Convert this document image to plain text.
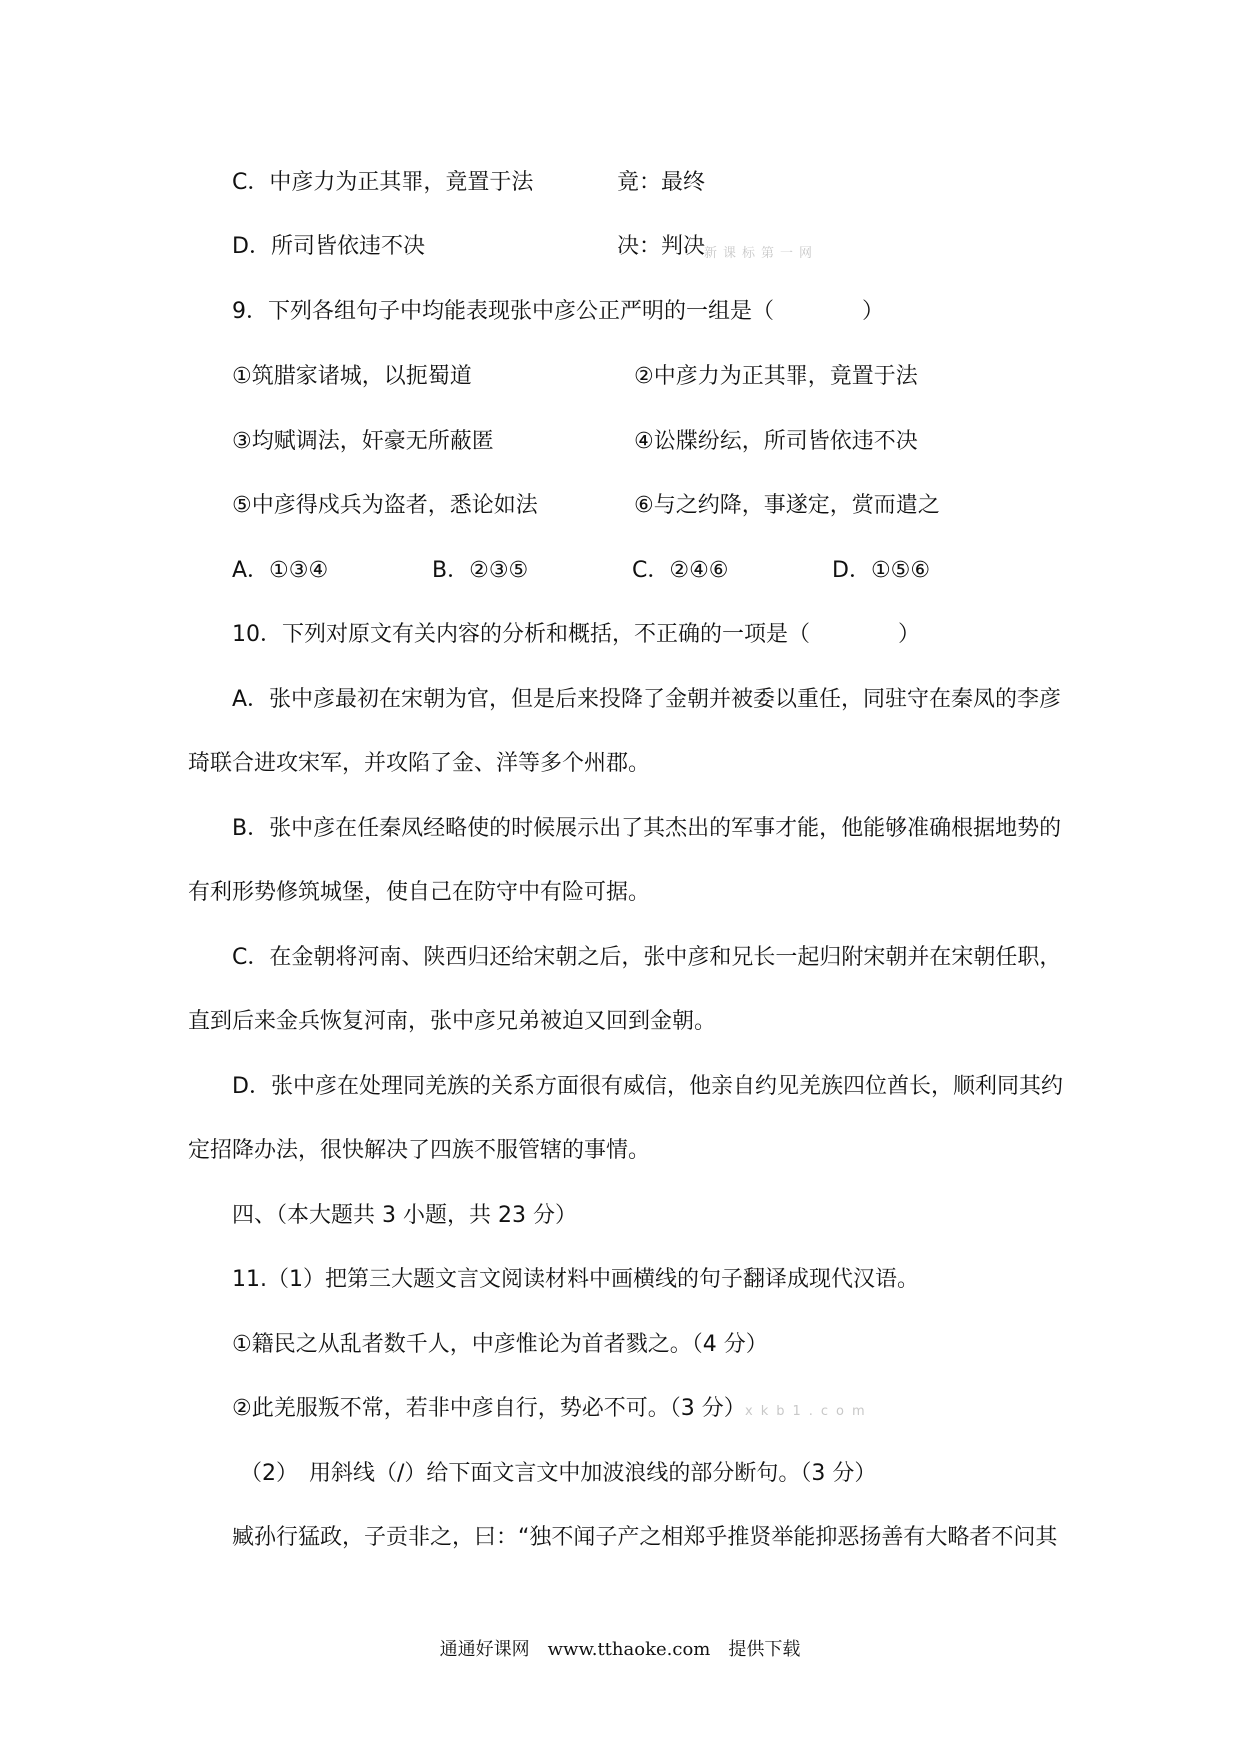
C．中彦力为正其罪，竟置于法	竟：最终
D．所司皆依违不决	决：判决
新课标第一网
9．下列各组句子中均能表现张中彦公正严明的一组是（　　　　）
①筑腊家诸城，以扼蜀道	②中彦力为正其罪，竟置于法
③均赋调法，奸豪无所蔽匿	④讼牒纷纭，所司皆依违不决
⑤中彦得戍兵为盗者，悉论如法	⑥与之约降，事遂定，赏而遣之
A．①③④	B．②③⑤	C．②④⑥	D．①⑤⑥
10．下列对原文有关内容的分析和概括，不正确的一项是（　　　　）
A．张中彦最初在宋朝为官，但是后来投降了金朝并被委以重任，同驻守在秦凤的李彦
琦联合进攻宋军，并攻陷了金、洋等多个州郡。
B．张中彦在任秦凤经略使的时候展示出了其杰出的军事才能，他能够准确根据地势的
有利形势修筑城堡，使自己在防守中有险可据。
C．在金朝将河南、陕西归还给宋朝之后，张中彦和兄长一起归附宋朝并在宋朝任职，
直到后来金兵恢复河南，张中彦兄弟被迫又回到金朝。
D．张中彦在处理同羌族的关系方面很有威信，他亲自约见羌族四位酋长，顺利同其约
定招降办法，很快解决了四族不服管辖的事情。
四、（本大题共 3 小题，共 23 分）
11.（1）把第三大题文言文阅读材料中画横线的句子翻译成现代汉语。
①籍民之从乱者数千人，中彦惟论为首者戮之。（4 分）
②此羌服叛不常，若非中彦自行，势必不可。（3 分） xkb1.com
（2）　用斜线（/）给下面文言文中加波浪线的部分断句。（3 分）
臧孙行猛政，子贡非之，曰：“独不闻子产之相郑乎推贤举能抑恶扬善有大略者不问其
通通好课网　www.tthaoke.com　提供下载
